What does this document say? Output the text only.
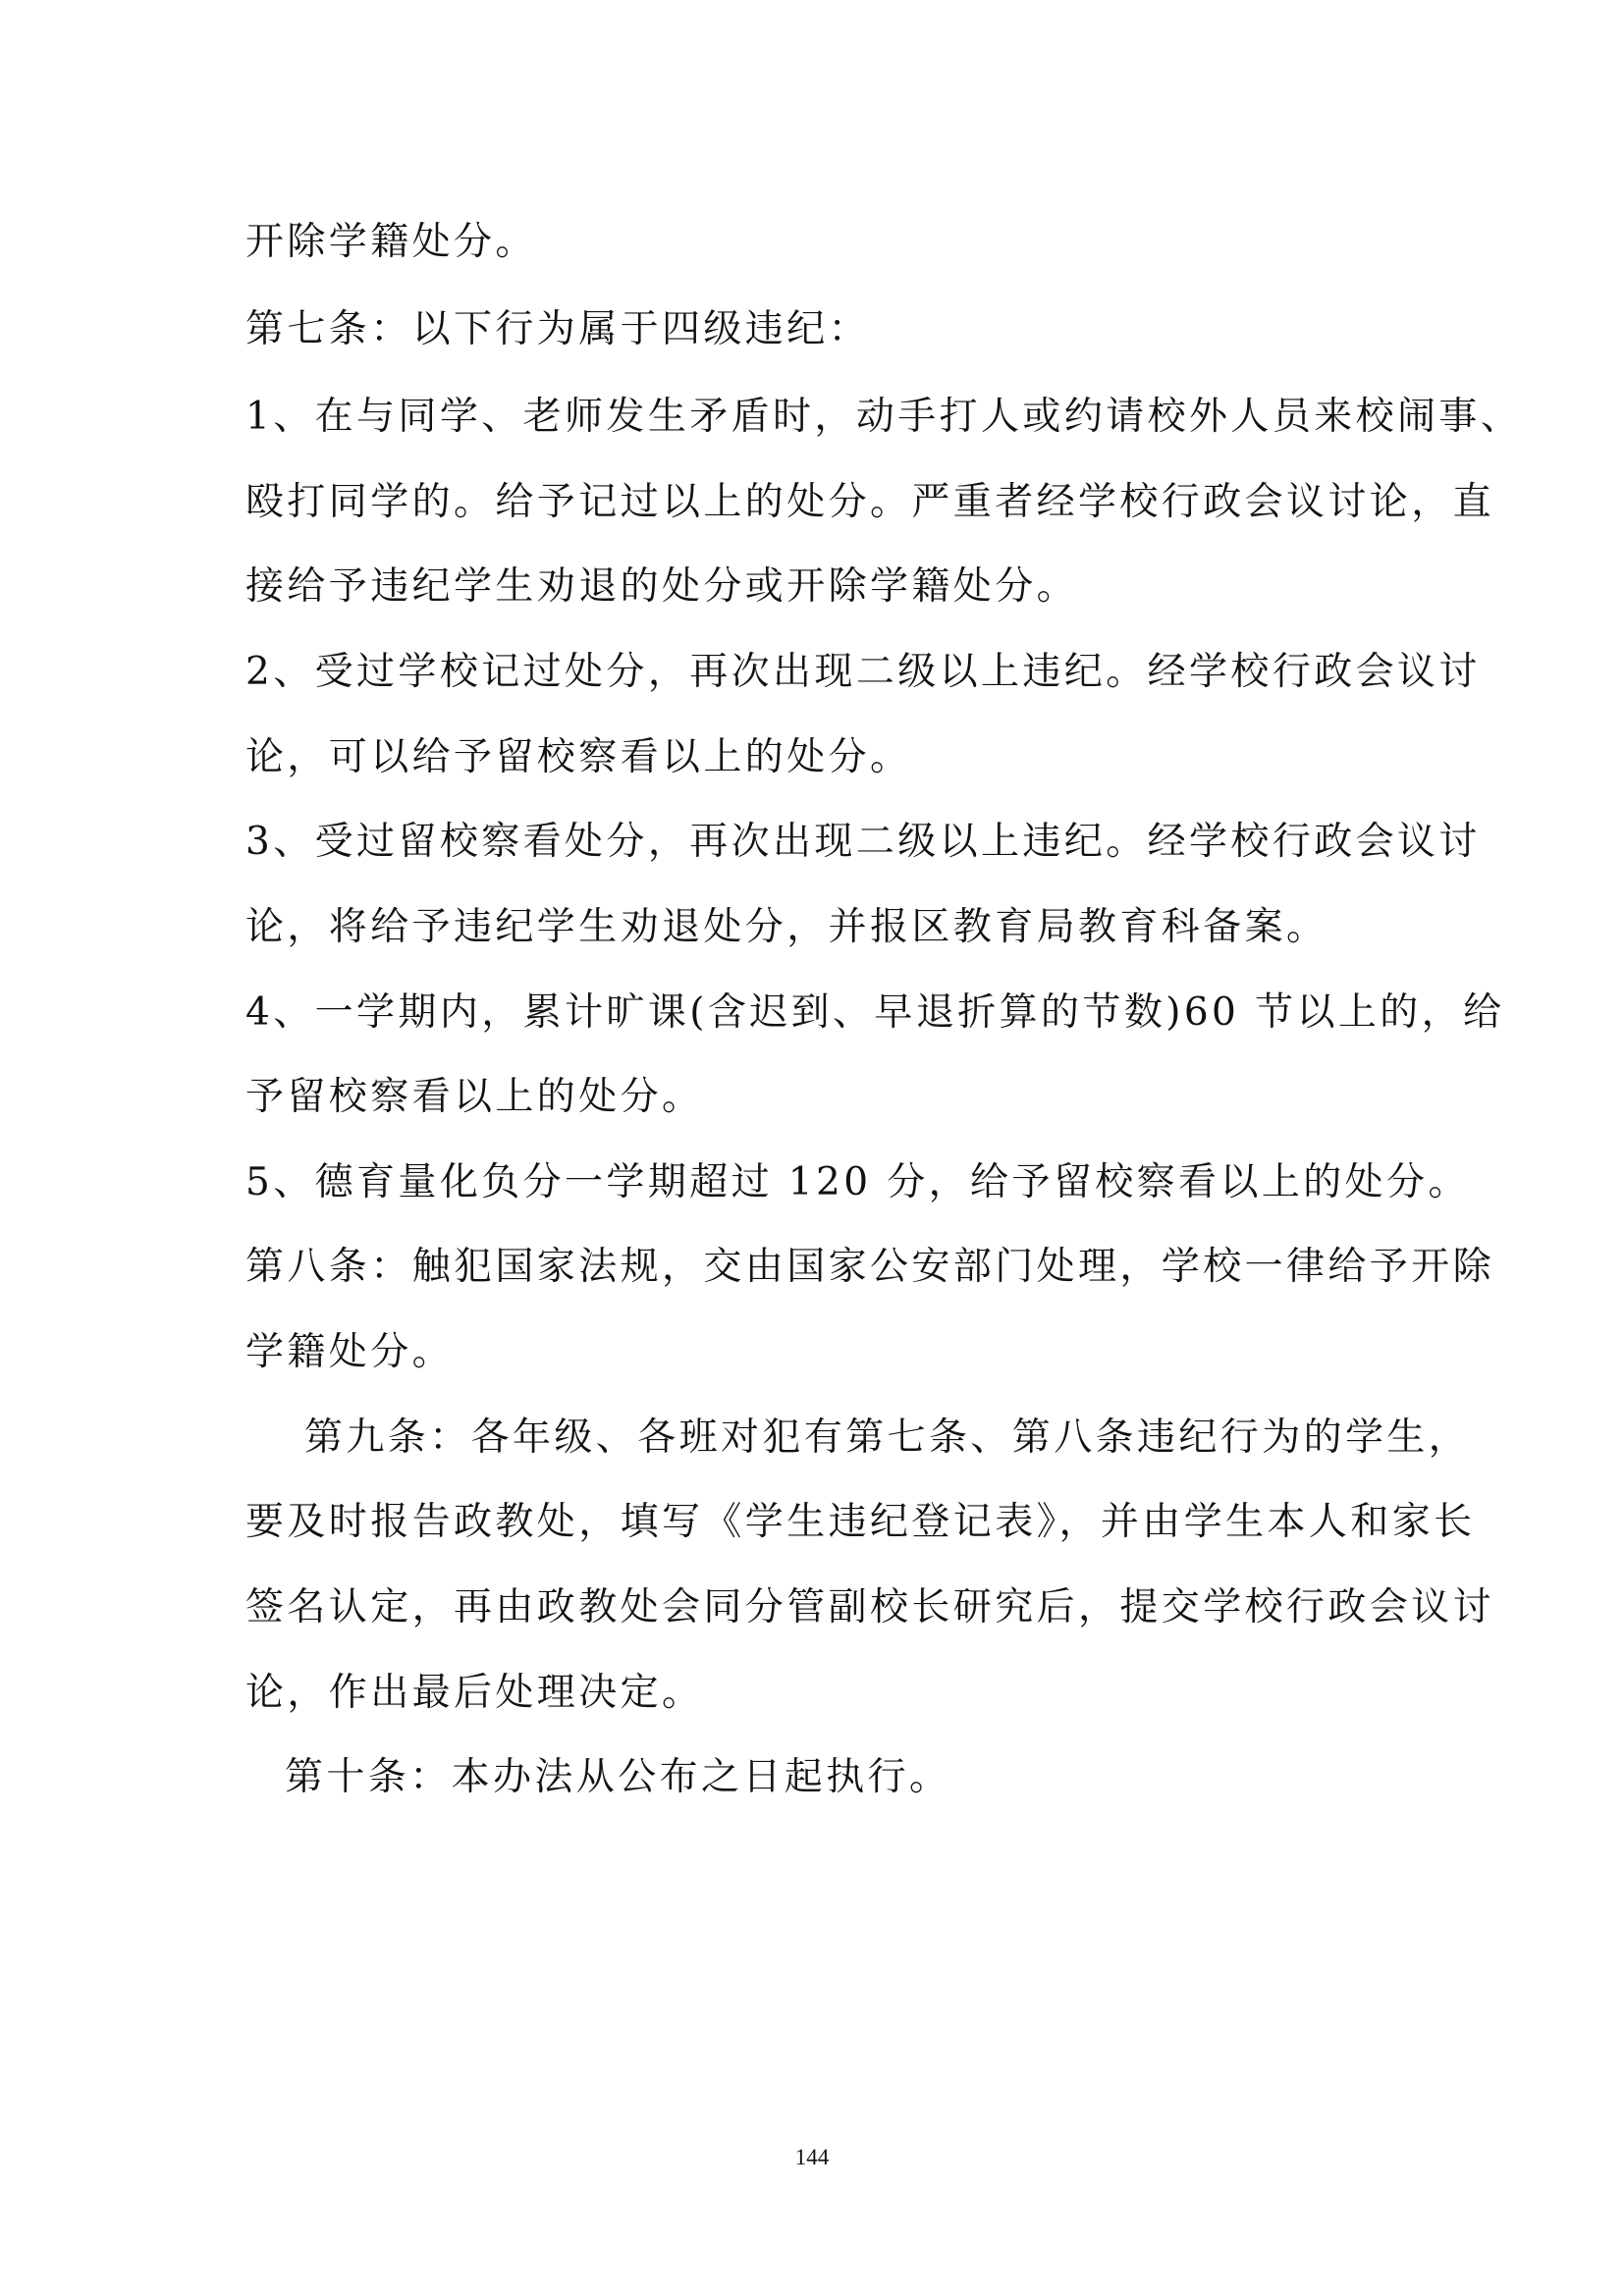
开除学籍处分。
第七条：以下行为属于四级违纪：
1、在与同学、老师发生矛盾时，动手打人或约请校外人员来校闹事、
殴打同学的。给予记过以上的处分。严重者经学校行政会议讨论，直
接给予违纪学生劝退的处分或开除学籍处分。
2、受过学校记过处分，再次出现二级以上违纪。经学校行政会议讨
论，可以给予留校察看以上的处分。
3、受过留校察看处分，再次出现二级以上违纪。经学校行政会议讨
论，将给予违纪学生劝退处分，并报区教育局教育科备案。
4、一学期内，累计旷课(含迟到、早退折算的节数)60 节以上的，给
予留校察看以上的处分。
5、德育量化负分一学期超过 120 分，给予留校察看以上的处分。
第八条：触犯国家法规，交由国家公安部门处理，学校一律给予开除
学籍处分。
第九条：各年级、各班对犯有第七条、第八条违纪行为的学生，
要及时报告政教处，填写《学生违纪登记表》，并由学生本人和家长
签名认定，再由政教处会同分管副校长研究后，提交学校行政会议讨
论，作出最后处理决定。
第十条：本办法从公布之日起执行。
144
